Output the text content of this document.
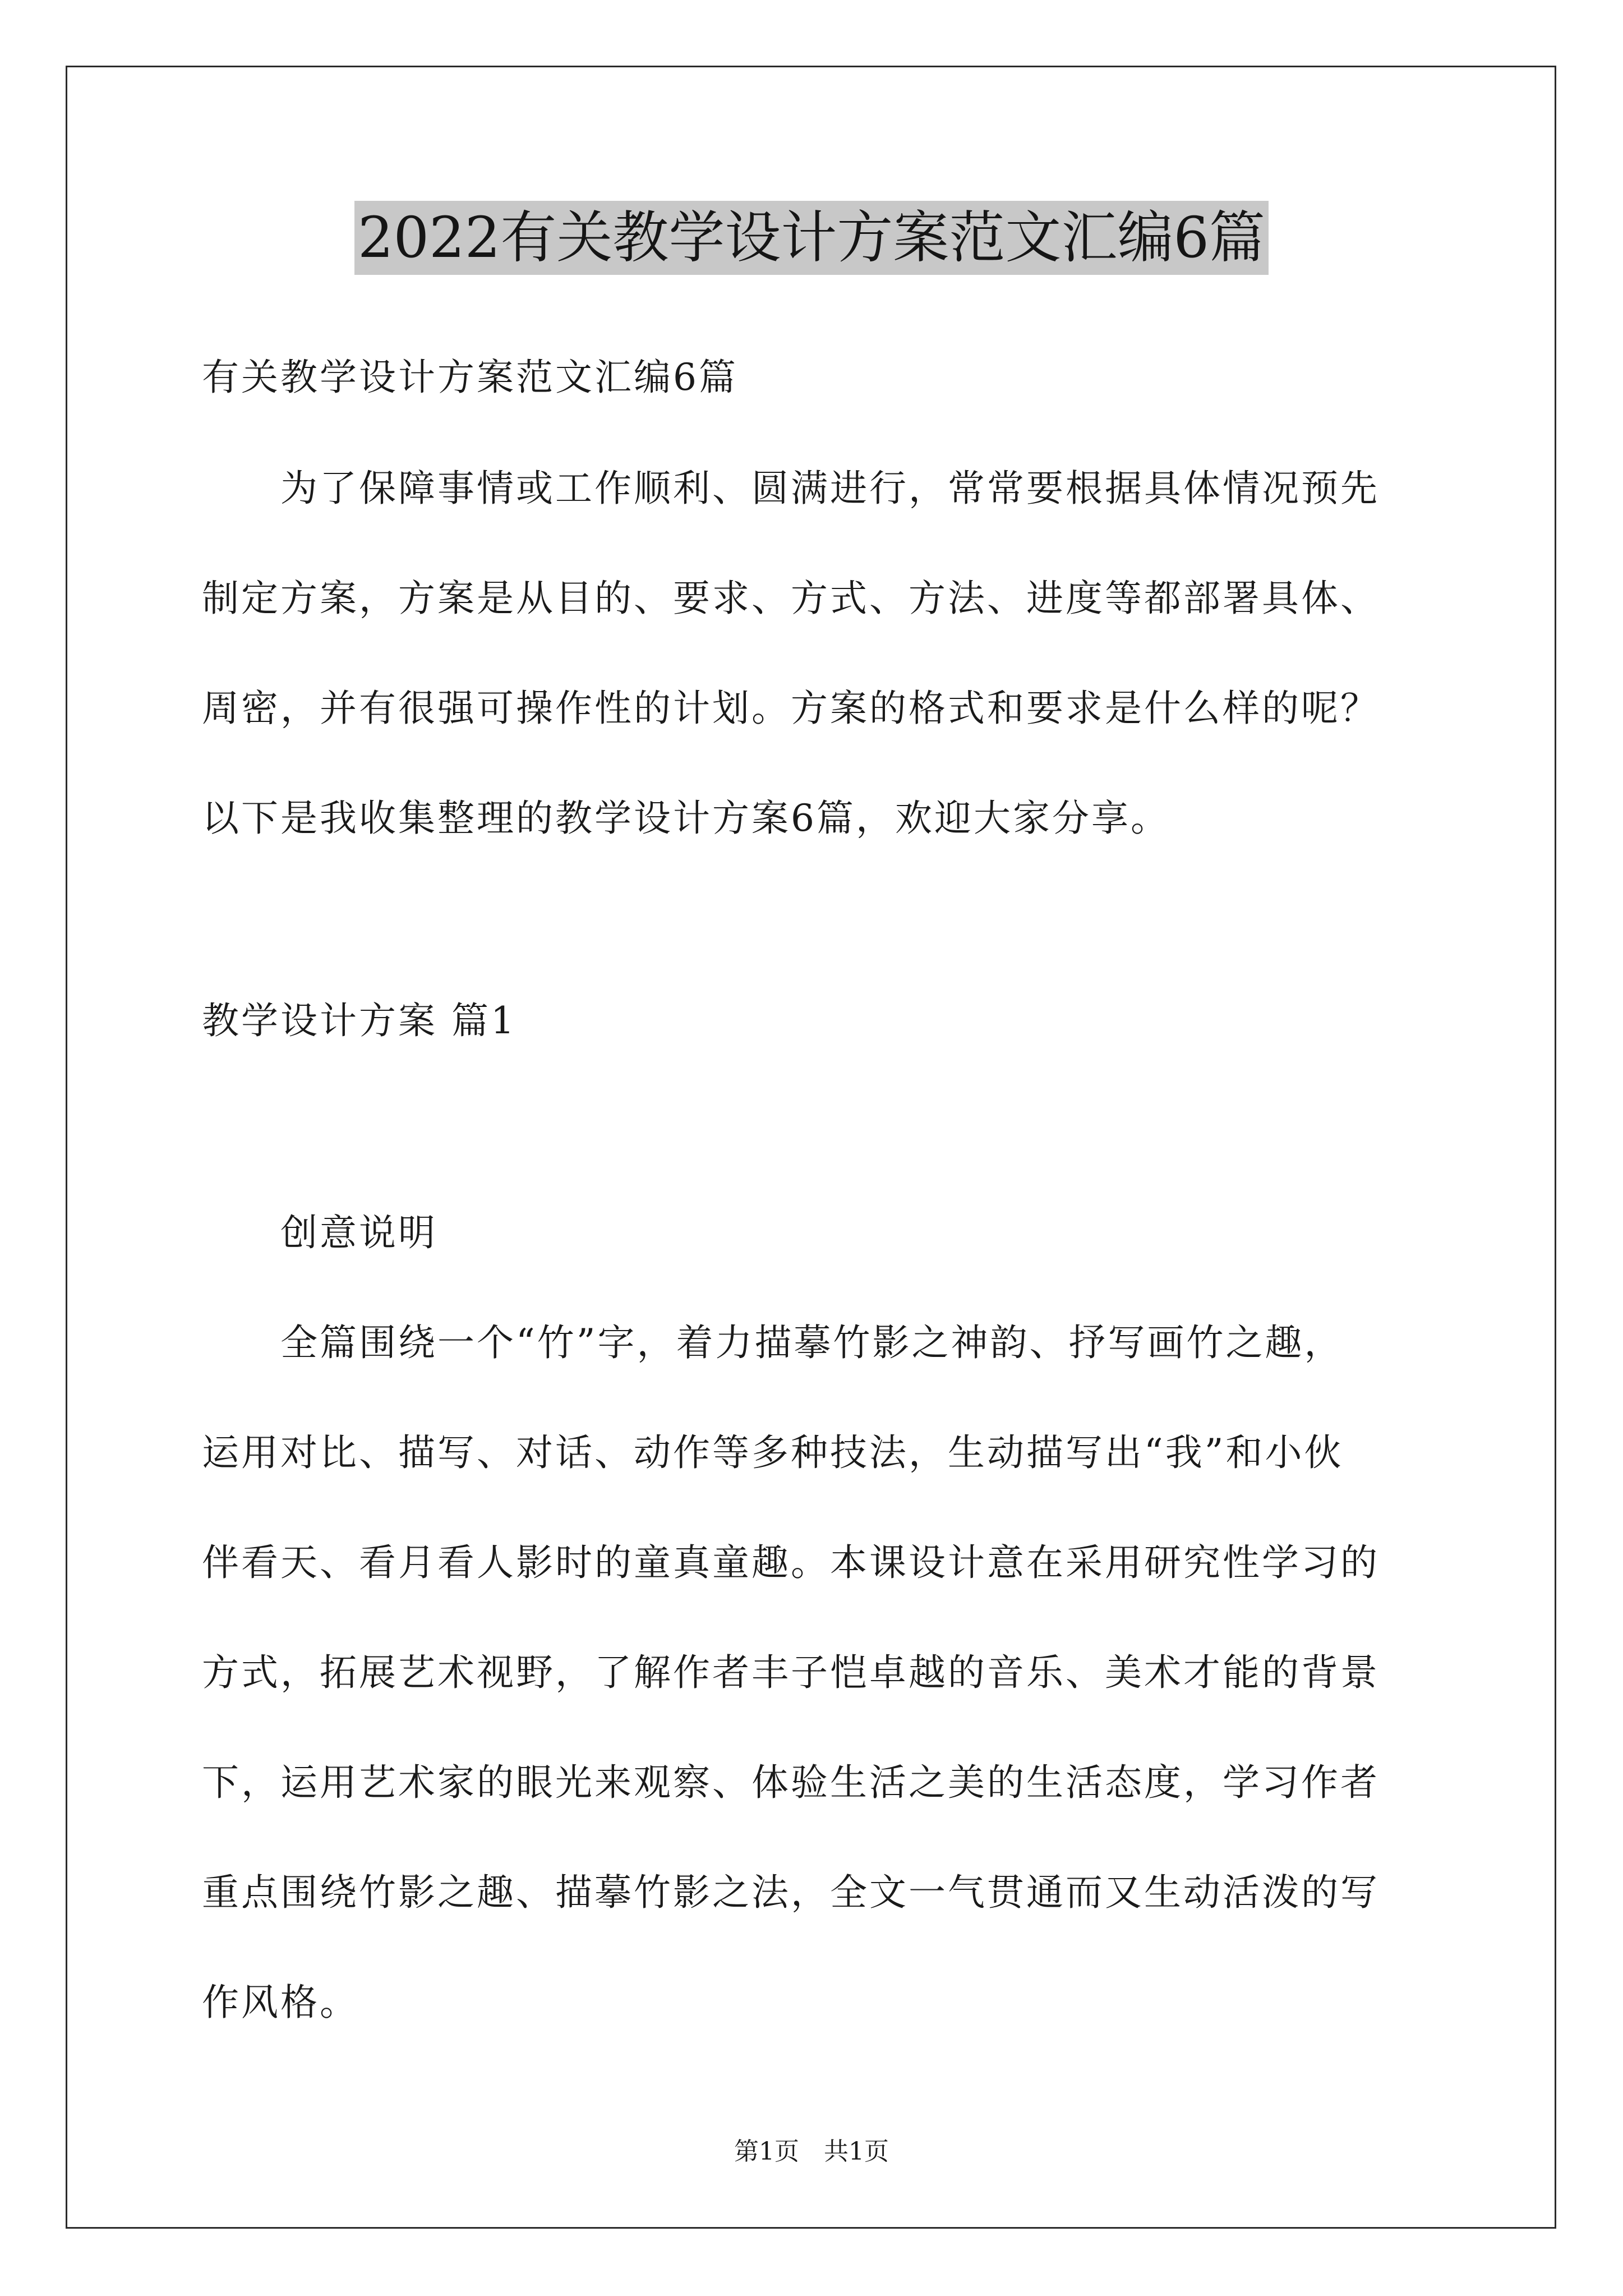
2022有关教学设计方案范文汇编6篇
有关教学设计方案范文汇编6篇
为了保障事情或工作顺利、圆满进行，常常要根据具体情况预先
制定方案，方案是从目的、要求、方式、方法、进度等都部署具体、
周密，并有很强可操作性的计划。方案的格式和要求是什么样的呢？
以下是我收集整理的教学设计方案6篇，欢迎大家分享。
教学设计方案 篇1
创意说明
全篇围绕一个“竹”字，着力描摹竹影之神韵、抒写画竹之趣，
运用对比、描写、对话、动作等多种技法，生动描写出“我”和小伙
伴看天、看月看人影时的童真童趣。本课设计意在采用研究性学习的
方式，拓展艺术视野，了解作者丰子恺卓越的音乐、美术才能的背景
下，运用艺术家的眼光来观察、体验生活之美的生活态度，学习作者
重点围绕竹影之趣、描摹竹影之法，全文一气贯通而又生动活泼的写
作风格。
第1页　共1页
